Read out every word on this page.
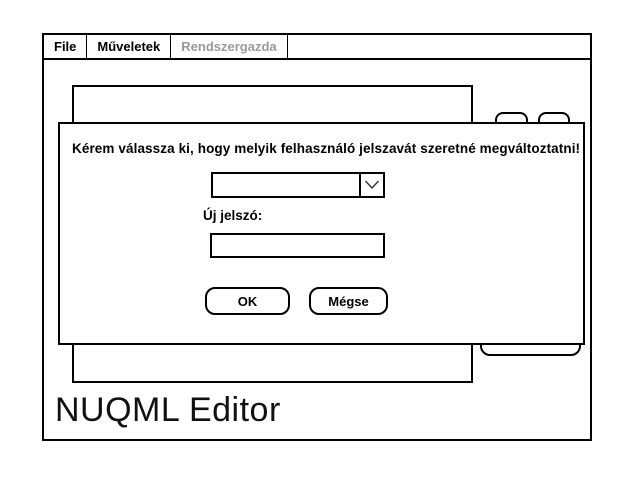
File	Műveletek	Rendszergazda
NUQML Editor
Kérem válassza ki, hogy melyik felhasználó jelszavát szeretné megváltoztatni!
Új jelszó:
OK	Mégse
